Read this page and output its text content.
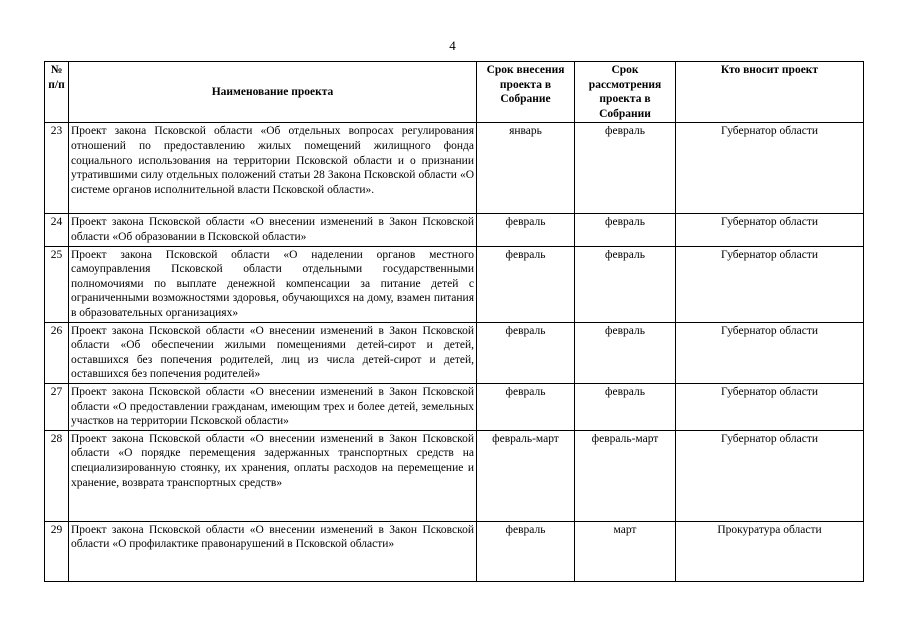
4
№ п/п	Наименование проекта	Срок внесения проекта в Собрание	Срок рассмотрения проекта в Собрании	Кто вносит проект
23	Проект закона Псковской области «Об отдельных вопросах регулирования отношений по предоставлению жилых помещений жилищного фонда социального использования на территории Псковской области и о признании утратившими силу отдельных положений статьи 28 Закона Псковской области «О системе органов исполнительной власти Псковской области».	январь	февраль	Губернатор области
24	Проект закона Псковской области «О внесении изменений в Закон Псковской области «Об образовании в Псковской области»	февраль	февраль	Губернатор области
25	Проект закона Псковской области «О наделении органов местного самоуправления Псковской области отдельными государственными полномочиями по выплате денежной компенсации за питание детей с ограниченными возможностями здоровья, обучающихся на дому, взамен питания в образовательных организациях»	февраль	февраль	Губернатор области
26	Проект закона Псковской области «О внесении изменений в Закон Псковской области «Об обеспечении жилыми помещениями детей-сирот и детей, оставшихся без попечения родителей, лиц из числа детей-сирот и детей, оставшихся без попечения родителей»	февраль	февраль	Губернатор области
27	Проект закона Псковской области «О внесении изменений в Закон Псковской области «О предоставлении гражданам, имеющим трех и более детей, земельных участков на территории Псковской области»	февраль	февраль	Губернатор области
28	Проект закона Псковской области «О внесении изменений в Закон Псковской области «О порядке перемещения задержанных транспортных средств на специализированную стоянку, их хранения, оплаты расходов на перемещение и хранение, возврата транспортных средств»	февраль-март	февраль-март	Губернатор области
29	Проект закона Псковской области «О внесении изменений в Закон Псковской области «О профилактике правонарушений в Псковской области»	февраль	март	Прокуратура области
